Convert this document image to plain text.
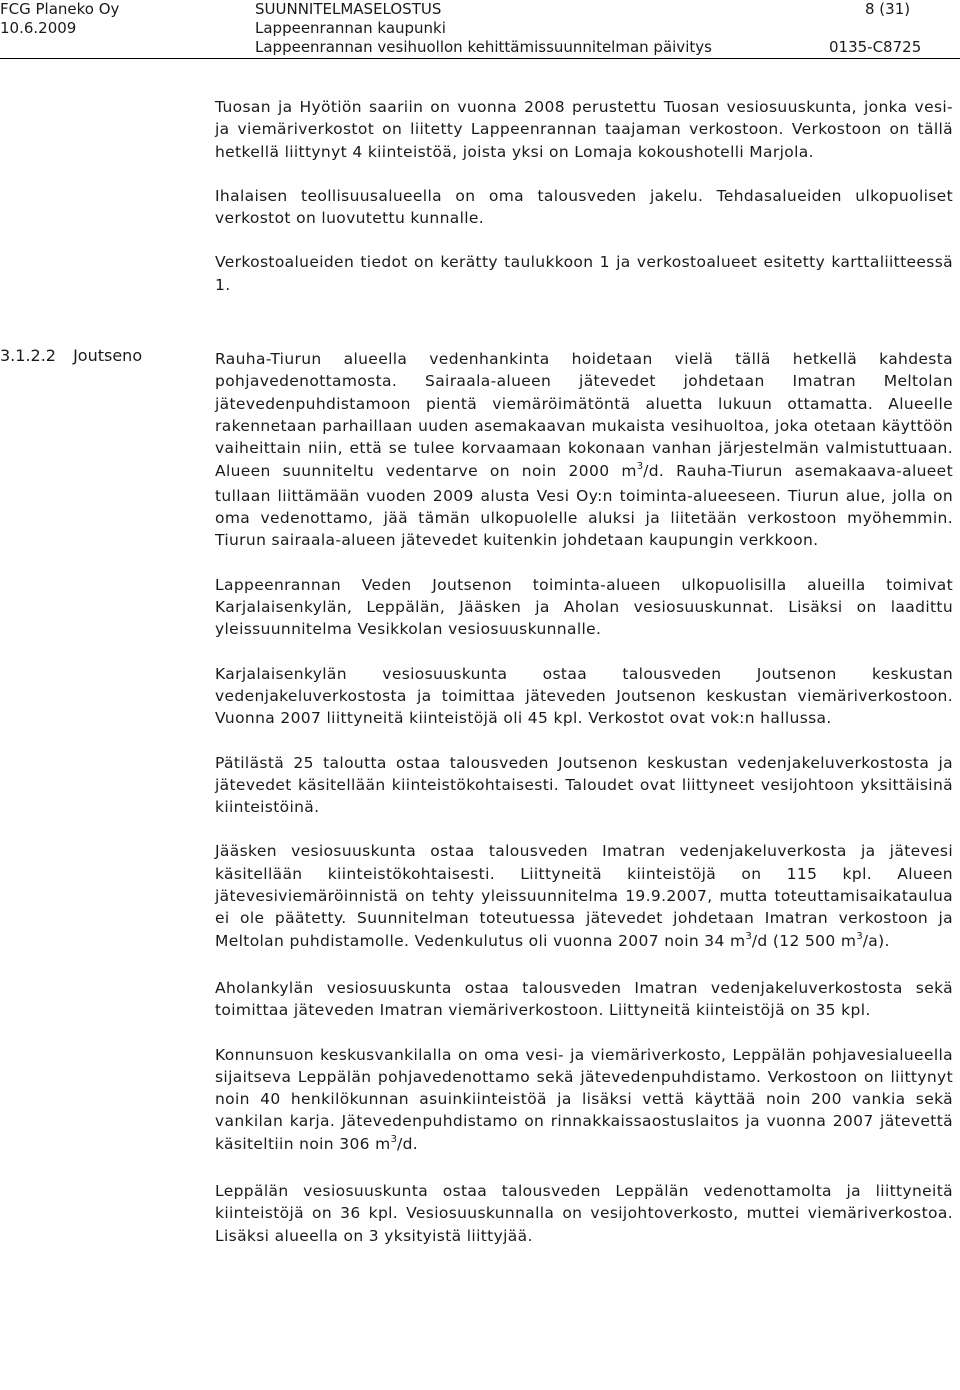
FCG Planeko Oy
10.6.2009
SUUNNITELMASELOSTUS
Lappeenrannan kaupunki
Lappeenrannan vesihuollon kehittämissuunnitelman päivitys
8 (31)
0135-C8725
3.1.2.2 Joutseno

Tuosan ja Hyötiön saariin on vuonna 2008 perustettu Tuosan vesiosuuskunta, jonka vesi- ja viemäriverkostot on liitetty Lappeenrannan taajaman verkostoon. Verkostoon on tällä hetkellä liittynyt 4 kiinteistöä, joista yksi on Lomaja kokoushotelli Marjola.

Ihalaisen teollisuusalueella on oma talousveden jakelu. Tehdasalueiden ulkopuoliset verkostot on luovutettu kunnalle.

Verkostoalueiden tiedot on kerätty taulukkoon 1 ja verkostoalueet esitetty karttaliitteessä 1.

Rauha-Tiurun alueella vedenhankinta hoidetaan vielä tällä hetkellä kahdesta pohjavedenottamosta. Sairaala-alueen jätevedet johdetaan Imatran Meltolan jätevedenpuhdistamoon pientä viemäröimätöntä aluetta lukuun ottamatta. Alueelle rakennetaan parhaillaan uuden asemakaavan mukaista vesihuoltoa, joka otetaan käyttöön vaiheittain niin, että se tulee korvaamaan kokonaan vanhan järjestelmän valmistuttuaan. Alueen suunniteltu vedentarve on noin 2000 $m^3/d$. Rauha-Tiurun asemakaava-alueet tullaan liittämään vuoden 2009 alusta Vesi Oy:n toiminta-alueeseen. Tiurun alue, jolla on oma vedenottamo, jää tämän ulkopuolelle aluksi ja liitetään verkostoon myöhemmin. Tiurun sairaala-alueen jätevedet kuitenkin johdetaan kaupungin verkkoon.

Lappeenrannan Veden Joutsenon toiminta-alueen ulkopuolisilla alueilla toimivat Karjalaisenkylän, Leppälän, Jääsken ja Aholan vesiosuuskunnat. Lisäksi on laadittu yleissuunnitelma Vesikkolan vesiosuuskunnalle.

Karjalaisenkylän vesiosuuskunta ostaa talousveden Joutsenon keskustan vedenjakeluverkostosta ja toimittaa jäteveden Joutsenon keskustan viemäriverkostoon. Vuonna 2007 liittyneitä kiinteistöjä oli 45 kpl. Verkostot ovat vok:n hallussa.

Pätilästä 25 taloutta ostaa talousveden Joutsenon keskustan vedenjakeluverkostosta ja jätevedet käsitellään kiinteistökohtaisesti. Taloudet ovat liittyneet vesijohtoon yksittäisinä kiinteistöinä.

Jääsken vesiosuuskunta ostaa talousveden Imatran vedenjakeluverkosta ja jätevesi käsitellään kiinteistökohtaisesti. Liittyneitä kiinteistöjä on 115 kpl. Alueen jätevesiviemäröinnistä on tehty yleissuunnitelma 19.9.2007, mutta toteuttamisaikataulua ei ole päätetty. Suunnitelman toteutuessa jätevedet johdetaan Imatran verkostoon ja Meltolan puhdistamolle. Vedenkulutus oli vuonna 2007 noin 34 $m^3/d$ (12 500 $m^3/a$).

Aholankylän vesiosuuskunta ostaa talousveden Imatran vedenjakeluverkostosta sekä toimittaa jäteveden Imatran viemäriverkostoon. Liittyneitä kiinteistöjä on 35 kpl.

Konnunsuon keskusvankilalla on oma vesi- ja viemäriverkosto, Leppälän pohjavesialueella sijaitseva Leppälän pohjavedenottamo sekä jätevedenpuhdistamo. Verkostoon on liittynyt noin 40 henkilökunnan asuinkiinteistöä ja lisäksi vettä käyttää noin 200 vankia sekä vankilan karja. Jätevedenpuhdistamo on rinnakkaissaostuslaitos ja vuonna 2007 jätevettä käsiteltiin noin 306 $m^3/d$.

Leppälän vesiosuuskunta ostaa talousveden Leppälän vedenottamolta ja liittyneitä kiinteistöjä on 36 kpl. Vesiosuuskunnalla on vesijohtoverkosto, muttei viemäriverkostoa. Lisäksi alueella on 3 yksityistä liittyjää.
